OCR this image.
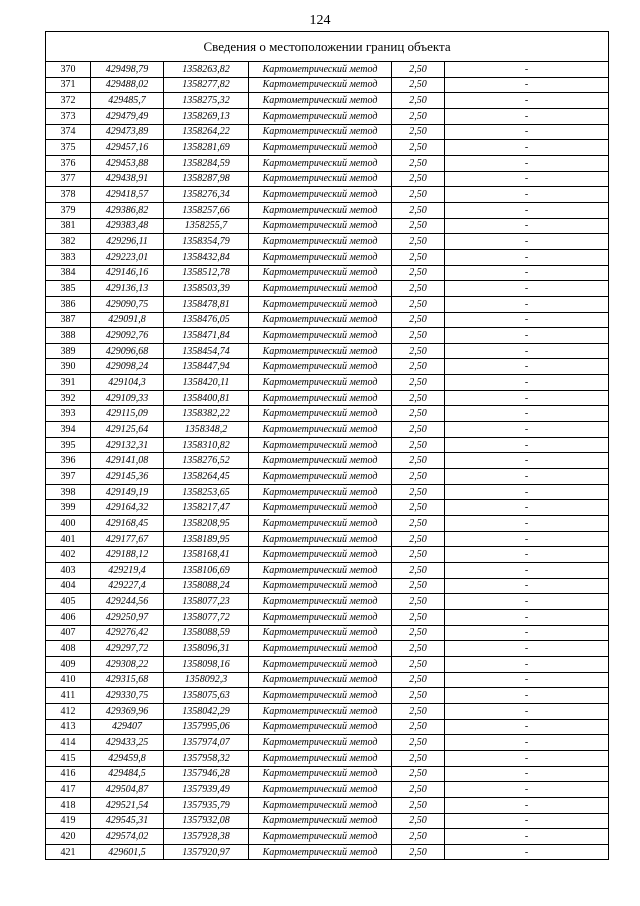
124
Сведения о местоположении границ объекта					
370	429498,79	1358263,82	Картометрический метод	2,50	-
371	429488,02	1358277,82	Картометрический метод	2,50	-
372	429485,7	1358275,32	Картометрический метод	2,50	-
373	429479,49	1358269,13	Картометрический метод	2,50	-
374	429473,89	1358264,22	Картометрический метод	2,50	-
375	429457,16	1358281,69	Картометрический метод	2,50	-
376	429453,88	1358284,59	Картометрический метод	2,50	-
377	429438,91	1358287,98	Картометрический метод	2,50	-
378	429418,57	1358276,34	Картометрический метод	2,50	-
379	429386,82	1358257,66	Картометрический метод	2,50	-
381	429383,48	1358255,7	Картометрический метод	2,50	-
382	429296,11	1358354,79	Картометрический метод	2,50	-
383	429223,01	1358432,84	Картометрический метод	2,50	-
384	429146,16	1358512,78	Картометрический метод	2,50	-
385	429136,13	1358503,39	Картометрический метод	2,50	-
386	429090,75	1358478,81	Картометрический метод	2,50	-
387	429091,8	1358476,05	Картометрический метод	2,50	-
388	429092,76	1358471,84	Картометрический метод	2,50	-
389	429096,68	1358454,74	Картометрический метод	2,50	-
390	429098,24	1358447,94	Картометрический метод	2,50	-
391	429104,3	1358420,11	Картометрический метод	2,50	-
392	429109,33	1358400,81	Картометрический метод	2,50	-
393	429115,09	1358382,22	Картометрический метод	2,50	-
394	429125,64	1358348,2	Картометрический метод	2,50	-
395	429132,31	1358310,82	Картометрический метод	2,50	-
396	429141,08	1358276,52	Картометрический метод	2,50	-
397	429145,36	1358264,45	Картометрический метод	2,50	-
398	429149,19	1358253,65	Картометрический метод	2,50	-
399	429164,32	1358217,47	Картометрический метод	2,50	-
400	429168,45	1358208,95	Картометрический метод	2,50	-
401	429177,67	1358189,95	Картометрический метод	2,50	-
402	429188,12	1358168,41	Картометрический метод	2,50	-
403	429219,4	1358106,69	Картометрический метод	2,50	-
404	429227,4	1358088,24	Картометрический метод	2,50	-
405	429244,56	1358077,23	Картометрический метод	2,50	-
406	429250,97	1358077,72	Картометрический метод	2,50	-
407	429276,42	1358088,59	Картометрический метод	2,50	-
408	429297,72	1358096,31	Картометрический метод	2,50	-
409	429308,22	1358098,16	Картометрический метод	2,50	-
410	429315,68	1358092,3	Картометрический метод	2,50	-
411	429330,75	1358075,63	Картометрический метод	2,50	-
412	429369,96	1358042,29	Картометрический метод	2,50	-
413	429407	1357995,06	Картометрический метод	2,50	-
414	429433,25	1357974,07	Картометрический метод	2,50	-
415	429459,8	1357958,32	Картометрический метод	2,50	-
416	429484,5	1357946,28	Картометрический метод	2,50	-
417	429504,87	1357939,49	Картометрический метод	2,50	-
418	429521,54	1357935,79	Картометрический метод	2,50	-
419	429545,31	1357932,08	Картометрический метод	2,50	-
420	429574,02	1357928,38	Картометрический метод	2,50	-
421	429601,5	1357920,97	Картометрический метод	2,50	-
